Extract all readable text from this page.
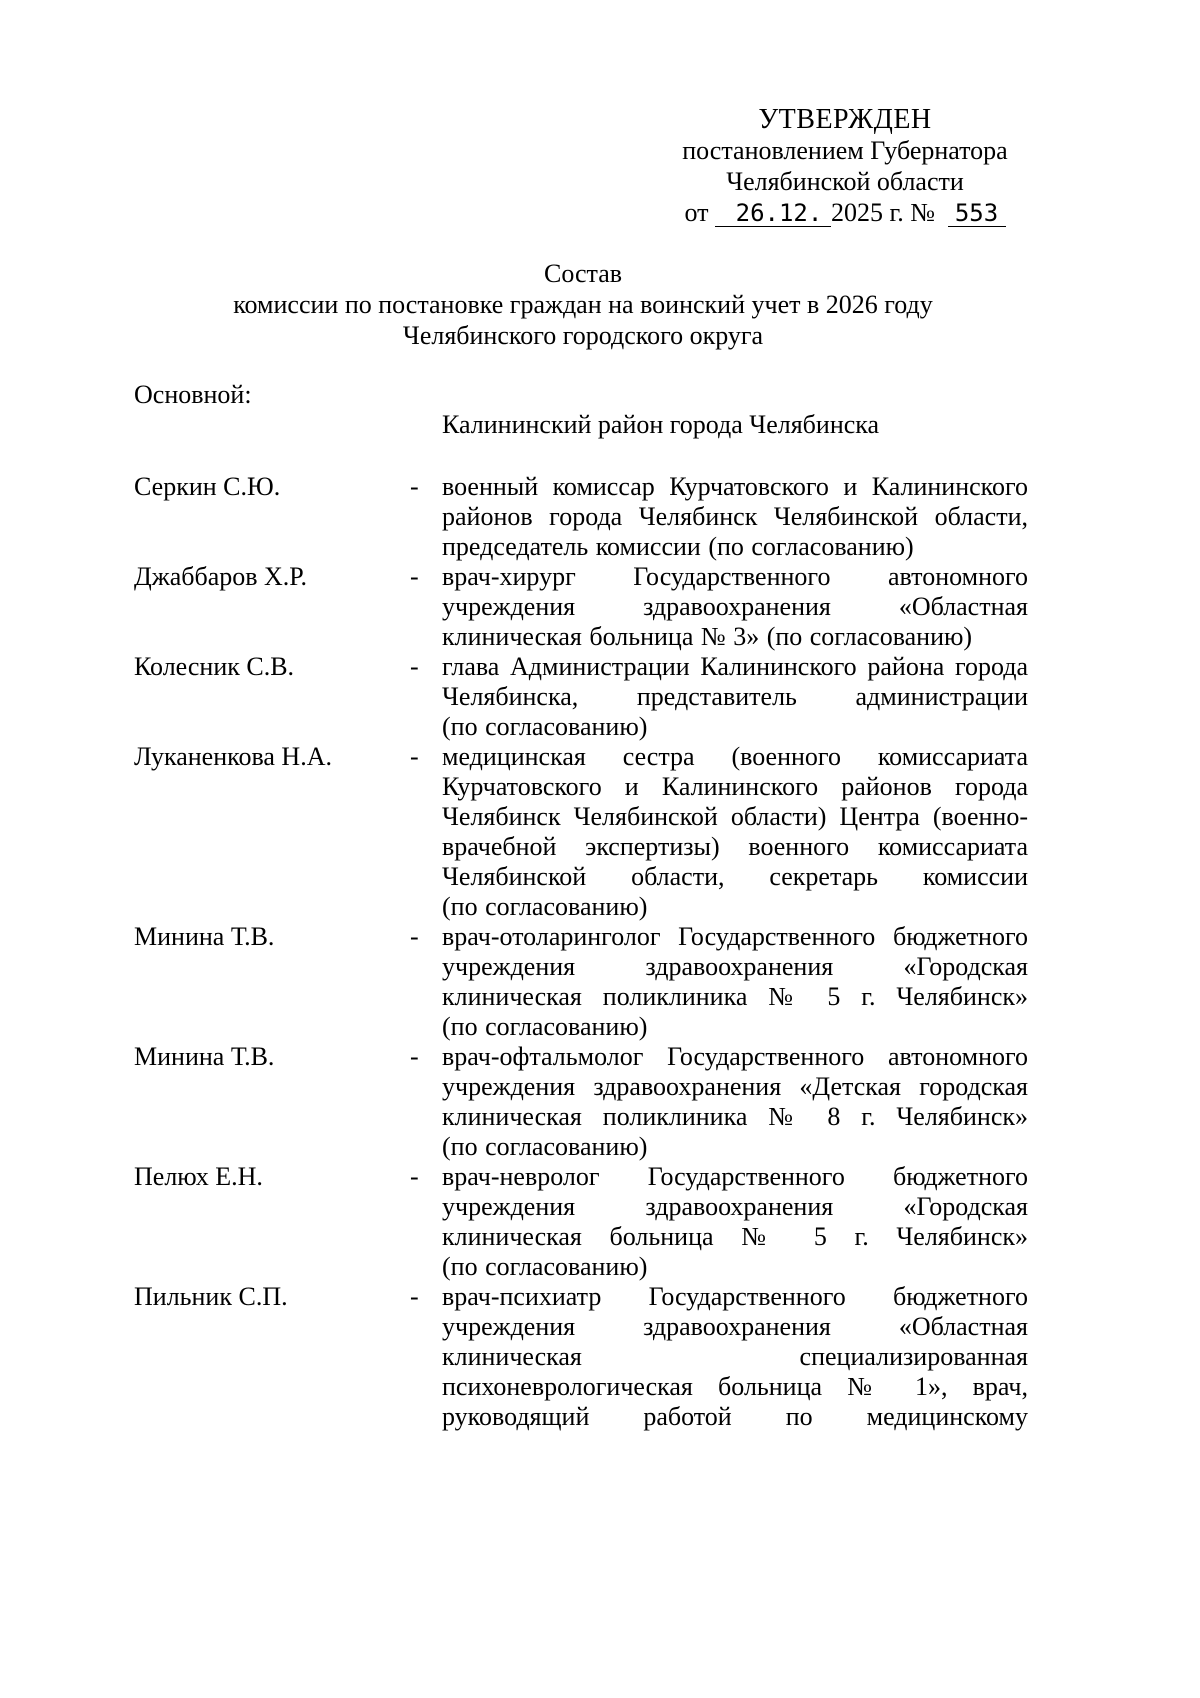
УТВЕРЖДЕН
постановлением Губернатора
Челябинской области
от 26.12. 2025 г. № 553
Состав
комиссии по постановке граждан на воинский учет в 2026 году
Челябинского городского округа
Основной:
Калининский район города Челябинска
Серкин С.Ю.	- военный комиссар Курчатовского и Калининского
районов города Челябинск Челябинской области,
председатель комиссии (по согласованию)
Джаббаров Х.Р.	- врач-хирург Государственного автономного
учреждения здравоохранения «Областная
клиническая больница № 3» (по согласованию)
Колесник С.В.	- глава Администрации Калининского района города
Челябинска, представитель администрации
(по согласованию)
Луканенкова Н.А.	- медицинская сестра (военного комиссариата
Курчатовского и Калининского районов города
Челябинск Челябинской области) Центра (военно-
врачебной экспертизы) военного комиссариата
Челябинской области, секретарь комиссии
(по согласованию)
Минина Т.В.	- врач-отоларинголог Государственного бюджетного
учреждения здравоохранения «Городская
клиническая поликлиника № 5 г. Челябинск»
(по согласованию)
Минина Т.В.	- врач-офтальмолог Государственного автономного
учреждения здравоохранения «Детская городская
клиническая поликлиника № 8 г. Челябинск»
(по согласованию)
Пелюх Е.Н.	- врач-невролог Государственного бюджетного
учреждения здравоохранения «Городская
клиническая больница № 5 г. Челябинск»
(по согласованию)
Пильник С.П.	- врач-психиатр Государственного бюджетного
учреждения здравоохранения «Областная
клиническая специализированная
психоневрологическая больница № 1», врач,
руководящий работой по медицинскому
